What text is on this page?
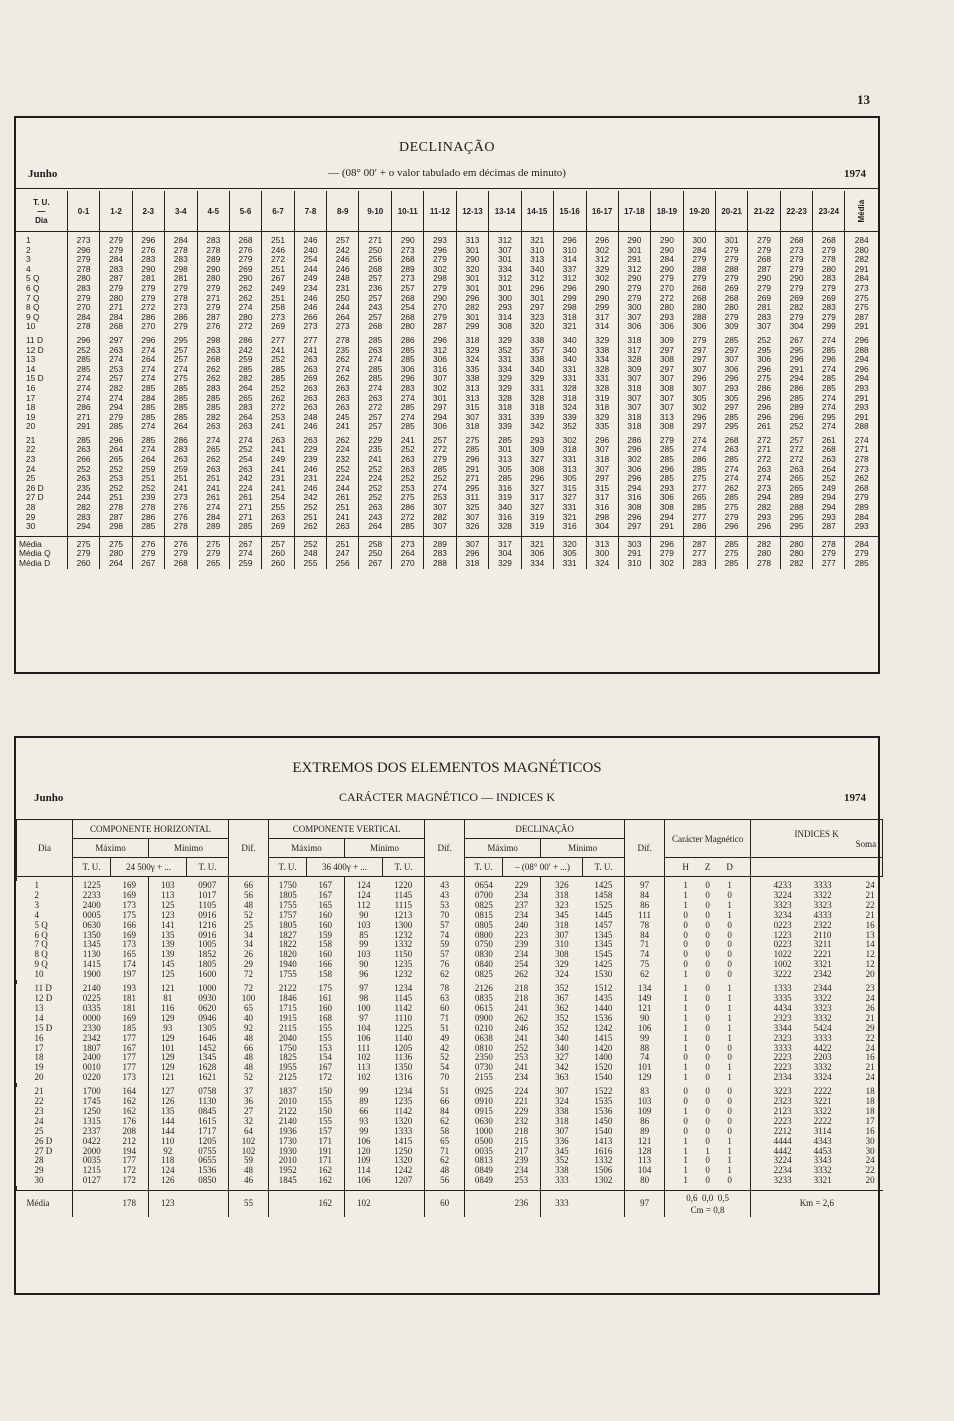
13
DECLINAÇÃO
Junho	— (08° 00′ + o valor tabulado em décimas de minuto)	1974
T. U.
—
Dia	0-1	1-2	2-3	3-4	4-5	5-6	6-7	7-8	8-9	9-10	10-11	11-12	12-13	13-14	14-15	15-16	16-17	17-18	18-19	19-20	20-21	21-22	22-23	23-24	Média

1	273	279	296	284	283	268	251	246	257	271	290	293	313	312	321	296	296	290	290	300	301	279	268	268	284
2	296	279	276	278	278	276	246	240	242	250	273	296	301	307	310	310	302	301	290	284	279	279	273	279	280
3	279	284	283	283	289	279	272	254	246	256	268	279	290	301	313	314	312	291	284	279	279	268	279	278	282
4	278	283	290	298	290	269	251	244	246	268	289	302	320	334	340	337	329	312	290	288	288	287	279	280	291
5 Q	280	287	281	281	280	290	267	249	248	257	273	298	301	312	312	312	302	290	279	279	279	290	290	283	284
6 Q	283	279	279	279	279	262	249	234	231	236	257	279	301	301	296	296	290	279	270	268	269	279	279	279	273
7 Q	279	280	279	278	271	262	251	246	250	257	268	290	296	300	301	299	290	279	272	268	268	269	269	269	275
8 Q	270	271	272	273	279	274	258	246	244	243	254	270	282	293	297	298	299	300	280	280	280	281	282	283	275
9 Q	284	284	286	286	287	280	273	266	264	257	268	279	301	314	323	318	317	307	293	288	279	283	279	279	287
10	278	268	270	279	276	272	269	273	273	268	280	287	299	308	320	321	314	306	306	306	309	307	304	299	291

11 D	296	297	296	295	298	286	277	277	278	285	286	296	318	329	338	340	329	318	309	279	285	252	267	274	296
12 D	252	263	274	257	263	242	241	241	235	263	285	312	329	352	357	340	338	317	297	297	297	295	295	285	288
13	285	274	264	257	268	259	252	263	262	274	285	306	324	331	338	340	334	328	308	297	307	306	296	296	294
14	285	253	274	274	262	285	285	263	274	285	306	316	335	334	340	331	328	309	297	307	306	296	291	274	296
15 D	274	257	274	275	262	282	285	269	262	285	296	307	338	329	329	331	331	307	307	296	296	275	294	285	294
16	274	282	285	285	283	264	252	263	263	274	283	302	313	329	331	328	328	318	308	307	293	286	286	285	293
17	274	274	284	285	285	265	262	263	263	263	274	301	313	328	328	318	319	307	307	305	305	296	285	274	291
18	286	294	285	285	285	283	272	263	263	272	285	297	315	318	318	324	318	307	307	302	297	296	289	274	293
19	271	279	285	285	282	264	253	248	245	257	274	294	307	331	339	339	329	318	313	296	285	296	296	295	291
20	291	285	274	264	263	263	241	246	241	257	285	306	318	339	342	352	335	318	308	297	295	261	252	274	288

21	285	296	285	286	274	274	263	263	262	229	241	257	275	285	293	302	296	286	279	274	268	272	257	261	274
22	263	264	274	283	265	252	241	229	224	235	252	272	285	301	309	318	307	296	285	274	263	271	272	268	271
23	266	265	264	263	262	254	249	239	232	241	263	279	296	313	327	331	318	302	285	286	285	272	272	263	278
24	252	252	259	259	263	263	241	246	252	252	263	285	291	305	308	313	307	306	296	285	274	263	263	264	273
25	263	253	251	251	251	242	231	231	224	224	252	252	271	285	296	305	297	296	285	275	274	274	265	252	262
26 D	235	252	252	241	241	224	241	246	244	252	253	274	295	316	327	315	315	294	293	277	262	273	265	249	268
27 D	244	251	239	273	261	261	254	242	261	252	275	253	311	319	317	327	317	316	306	265	285	294	289	294	279
28	282	278	278	276	274	271	255	252	251	263	286	307	325	340	327	331	316	308	308	285	275	282	288	294	289
29	283	287	286	276	284	271	263	251	241	243	272	282	307	316	319	321	298	296	294	277	279	293	295	293	284
30	294	298	285	278	289	285	269	262	263	264	285	307	326	328	319	316	304	297	291	286	296	296	295	287	293

Média	275	275	276	276	275	267	257	252	251	258	273	289	307	317	321	320	313	303	296	287	285	282	280	278	284
Média Q	279	280	279	279	279	274	260	248	247	250	264	283	296	304	306	305	300	291	279	277	275	280	280	279	279
Média D	260	264	267	268	265	259	260	255	256	267	270	288	318	329	334	331	324	310	302	283	285	278	282	277	285
EXTREMOS DOS ELEMENTOS MAGNÉTICOS
Junho	CARÁCTER MAGNÉTICO — INDICES K	1974
Dia	COMPONENTE HORIZONTAL				Dif.	COMPONENTE VERTICAL				Dif.	DECLINAÇÃO				Dif.	Carácter Magnético					INDICES K
Soma			

	Máximo		Mínimo			Máximo		Mínimo			Máximo		Mínimo											
	T. U.	24 500γ + ...		T. U.		T. U.	36 400γ + ...		T. U.		T. U.	– (08° 00′ + ...)		T. U.			H	Z	D					

1	1225	169	103	0907	66	1750	167	124	1220	43	0654	229	326	1425	97		1	0	1			4233	3333	24
2	2233	169	113	1017	56	1805	167	124	1145	43	0700	234	318	1458	84		1	0	0			3224	3322	21
3	2400	173	125	1105	48	1755	165	112	1115	53	0825	237	323	1525	86		1	0	1			3323	3323	22
4	0005	175	123	0916	52	1757	160	90	1213	70	0815	234	345	1445	111		0	0	1			3234	4333	21
5 Q	0630	166	141	1216	25	1805	160	103	1300	57	0805	240	318	1457	78		0	0	0			0223	2322	16
6 Q	1350	169	135	0916	34	1827	159	85	1232	74	0800	223	307	1345	84		0	0	0			1223	2110	13
7 Q	1345	173	139	1005	34	1822	158	99	1332	59	0750	239	310	1345	71		0	0	0			0223	3211	14
8 Q	1130	165	139	1852	26	1820	160	103	1150	57	0830	234	308	1545	74		0	0	0			1022	2221	12
9 Q	1415	174	145	1805	29	1940	166	90	1235	76	0840	254	329	1425	75		0	0	0			1002	3321	12
10	1900	197	125	1600	72	1755	158	96	1232	62	0825	262	324	1530	62		1	0	0			3222	2342	20

11 D	2140	193	121	1000	72	2122	175	97	1234	78	2126	218	352	1512	134		1	0	1			1333	2344	23
12 D	0225	181	81	0930	100	1846	161	98	1145	63	0835	218	367	1435	149		1	0	1			3335	3322	24
13	0335	181	116	0620	65	1715	160	100	1142	60	0615	241	362	1440	121		1	0	1			4434	3323	26
14	0000	169	129	0946	40	1915	168	97	1110	71	0900	262	352	1536	90		1	0	1			2323	3332	21
15 D	2330	185	93	1305	92	2115	155	104	1225	51	0210	246	352	1242	106		1	0	1			3344	5424	29
16	2342	177	129	1646	48	2040	155	106	1140	49	0638	241	340	1415	99		1	0	1			2323	3333	22
17	1807	167	101	1452	66	1750	153	111	1205	42	0810	252	340	1420	88		1	0	0			3333	4422	24
18	2400	177	129	1345	48	1825	154	102	1136	52	2350	253	327	1400	74		0	0	0			2223	2203	16
19	0010	177	129	1628	48	1955	167	113	1350	54	0730	241	342	1520	101		1	0	1			2223	3332	21
20	0220	173	121	1621	52	2125	172	102	1316	70	2155	234	363	1540	129		1	0	1			2334	3324	24

21	1700	164	127	0758	37	1837	150	99	1234	51	0925	224	307	1522	83		0	0	0			3223	2222	18
22	1745	162	126	1130	36	2010	155	89	1235	66	0910	221	324	1535	103		0	0	0			2323	3221	18
23	1250	162	135	0845	27	2122	150	66	1142	84	0915	229	338	1536	109		1	0	0			2123	3322	18
24	1315	176	144	1615	32	2140	155	93	1320	62	0630	232	318	1450	86		0	0	0			2223	2222	17
25	2337	208	144	1717	64	1936	157	99	1333	58	1000	218	307	1540	89		0	0	0			2212	3114	16
26 D	0422	212	110	1205	102	1730	171	106	1415	65	0500	215	336	1413	121		1	0	1			4444	4343	30
27 D	2000	194	92	0755	102	1930	191	120	1250	71	0035	217	345	1616	128		1	1	1			4442	4453	30
28	0035	177	118	0655	59	2010	171	109	1320	62	0813	239	352	1332	113		1	0	1			3224	3343	24
29	1215	172	124	1536	48	1952	162	114	1242	48	0849	234	338	1506	104		1	0	1			2234	3332	22
30	0127	172	126	0850	46	1845	162	106	1207	56	0849	253	333	1302	80		1	0	0			3233	3321	20

Média		178	123		55		162	102		60		236	333		97	0,6  0,0  0,5
Cm = 0,8					Km = 2,6			
